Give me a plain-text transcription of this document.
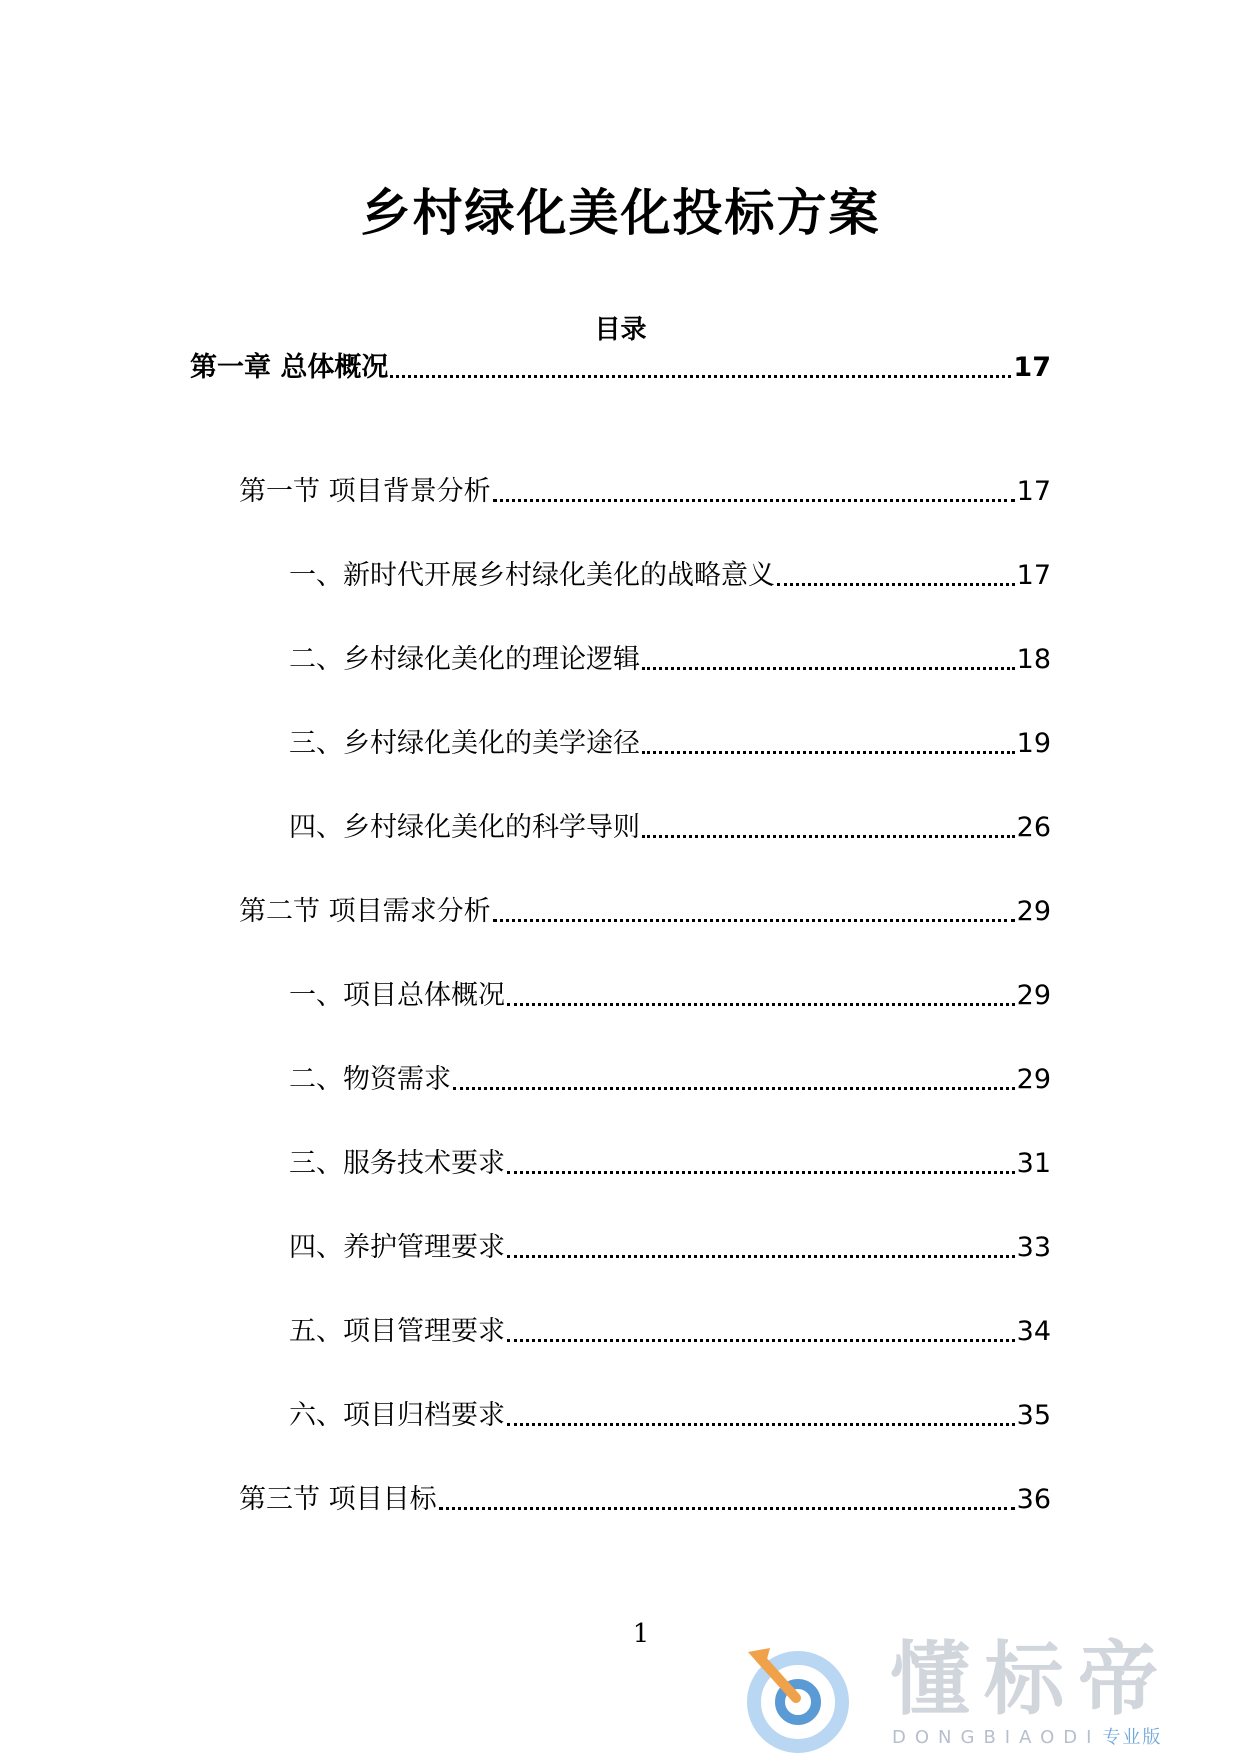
乡村绿化美化投标方案
目录
第一章 总体概况	17
第一节 项目背景分析	17
一、新时代开展乡村绿化美化的战略意义	17
二、乡村绿化美化的理论逻辑	18
三、乡村绿化美化的美学途径	19
四、乡村绿化美化的科学导则	26
第二节 项目需求分析	29
一、项目总体概况	29
二、物资需求	29
三、服务技术要求	31
四、养护管理要求	33
五、项目管理要求	34
六、项目归档要求	35
第三节 项目目标	36
1	懂标帝
DONGBIAODI 专业版
